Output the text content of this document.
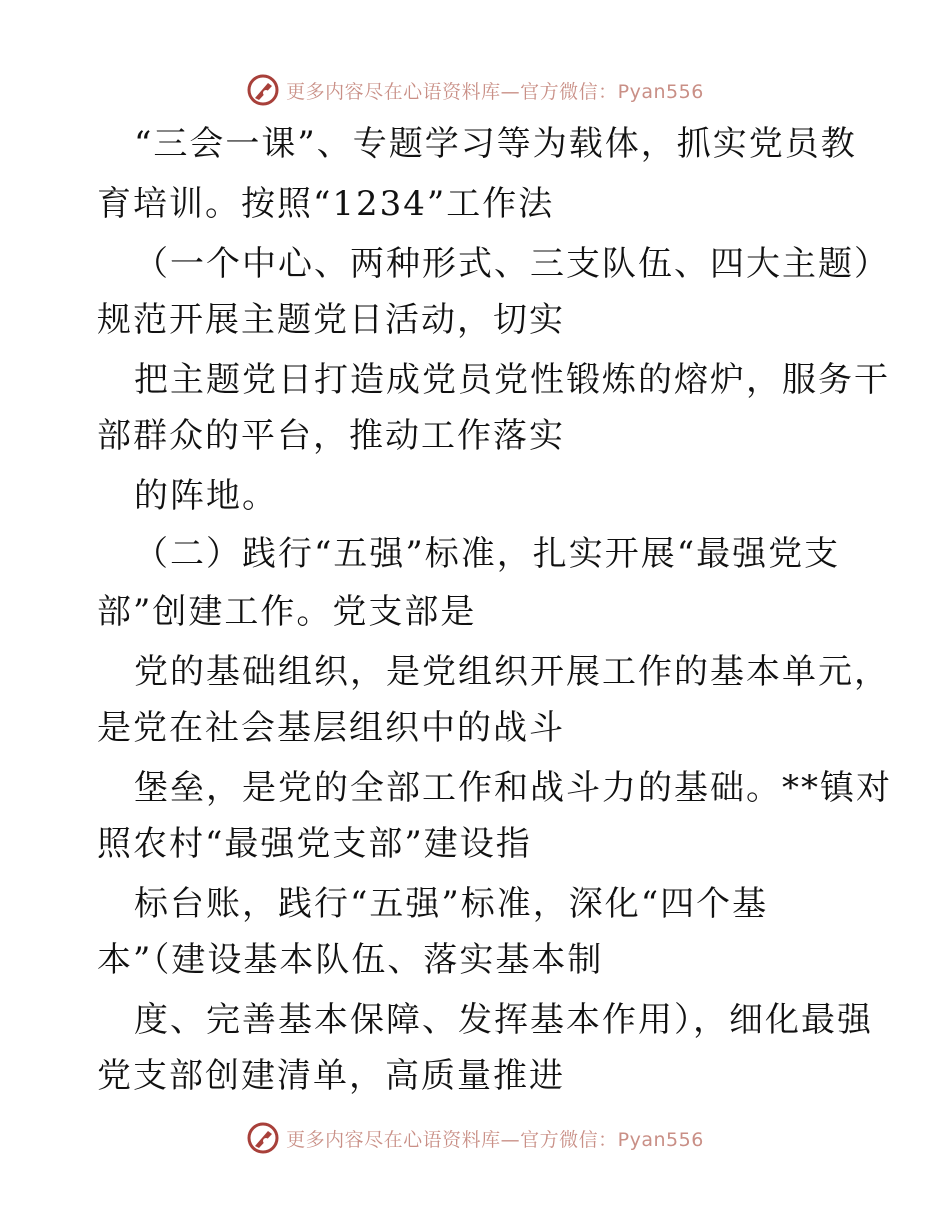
更多内容尽在心语资料库—官方微信：Pyan556
“三会一课”、专题学习等为载体，抓实党员教
育培训。按照“1234”工作法
（一个中心、两种形式、三支队伍、四大主题）
规范开展主题党日活动，切实
把主题党日打造成党员党性锻炼的熔炉，服务干
部群众的平台，推动工作落实
的阵地。
（二）践行“五强”标准，扎实开展“最强党支
部”创建工作。党支部是
党的基础组织，是党组织开展工作的基本单元，
是党在社会基层组织中的战斗
堡垒，是党的全部工作和战斗力的基础。**镇对
照农村“最强党支部”建设指
标台账，践行“五强”标准，深化“四个基
本”（建设基本队伍、落实基本制
度、完善基本保障、发挥基本作用），细化最强
党支部创建清单，高质量推进
更多内容尽在心语资料库—官方微信：Pyan556
